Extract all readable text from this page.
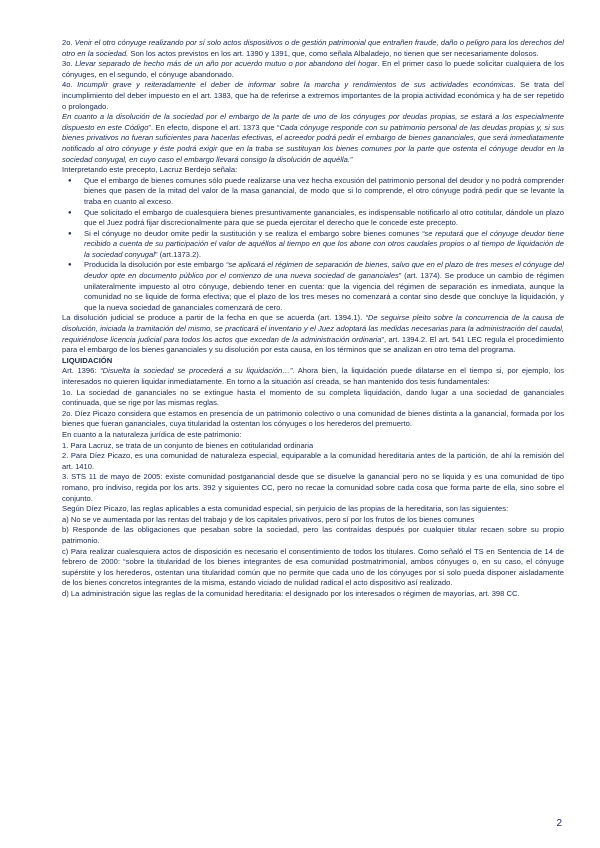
2o. Venir el otro cónyuge realizando por sí solo actos dispositivos o de gestión patrimonial que entrañen fraude, daño o peligro para los derechos del otro en la sociedad. Son los actos previstos en los art. 1390 y 1391, que, como señala Albaladejo, no tienen que ser necesariamente dolosos.

3o. Llevar separado de hecho más de un año por acuerdo mutuo o por abandono del hogar. En el primer caso lo puede solicitar cualquiera de los cónyuges, en el segundo, el cónyuge abandonado.

4o. Incumplir grave y reiteradamente el deber de informar sobre la marcha y rendimientos de sus actividades económicas. Se trata del incumplimiento del deber impuesto en el art. 1383, que ha de referirse a extremos importantes de la propia actividad económica y ha de ser repetido o prolongado.

En cuanto a la disolución de la sociedad por el embargo de la parte de uno de los cónyuges por deudas propias, se estará a los especialmente dispuesto en este Código”. En efecto, dispone el art. 1373 que “Cada cónyuge responde con su patrimonio personal de las deudas propias y, si sus bienes privativos no fueran suficientes para hacerlas efectivas, el acreedor podrá pedir el embargo de bienes gananciales, que será inmediatamente notificado al otro cónyuge y éste podrá exigir que en la traba se sustituyan los bienes comunes por la parte que ostenta el cónyuge deudor en la sociedad conyugal, en cuyo caso el embargo llevará consigo la disolución de aquélla.”

Interpretando este precepto, Lacruz Berdejo señala:

● Que el embargo de bienes comunes sólo puede realizarse una vez hecha excusión del patrimonio personal del deudor y no podrá comprender bienes que pasen de la mitad del valor de la masa ganancial, de modo que si lo comprende, el otro cónyuge podrá pedir que se levante la traba en cuanto al exceso.
● Que solicitado el embargo de cualesquiera bienes presuntivamente gananciales, es indispensable notificarlo al otro cotitular, dándole un plazo que el Juez podrá fijar discrecionalmente para que se pueda ejercitar el derecho que le concede este precepto.
● Si el cónyuge no deudor omite pedir la sustitución y se realiza el embargo sobre bienes comunes “se reputará que el cónyuge deudor tiene recibido a cuenta de su participación el valor de aquéllos al tiempo en que los abone con otros caudales propios o al tiempo de liquidación de la sociedad conyugal” (art.1373.2).
● Producida la disolución por este embargo “se aplicará el régimen de separación de bienes, salvo que en el plazo de tres meses el cónyuge del deudor opte en documento público por el comienzo de una nueva sociedad de gananciales” (art. 1374). Se produce un cambio de régimen unilateralmente impuesto al otro cónyuge, debiendo tener en cuenta: que la vigencia del régimen de separación es inmediata, aunque la comunidad no se liquide de forma efectiva; que el plazo de los tres meses no comenzará a contar sino desde que concluye la liquidación, y que la nueva sociedad de gananciales comenzará de cero.

La disolución judicial se produce a partir de la fecha en que se acuerda (art. 1394.1). “De seguirse pleito sobre la concurrencia de la causa de disolución, iniciada la tramitación del mismo, se practicará el inventario y el Juez adoptará las medidas necesarias para la administración del caudal, requiriéndose licencia judicial para todos los actos que excedan de la administración ordinaria”, art. 1394.2. El art. 541 LEC regula el procedimiento para el embargo de los bienes gananciales y su disolución por esta causa, en los términos que se analizan en otro tema del programa.

LIQUIDACIÓN

Art. 1396: “Disuelta la sociedad se procederá a su liquidación…”. Ahora bien, la liquidación puede dilatarse en el tiempo si, por ejemplo, los interesados no quieren liquidar inmediatamente. En torno a la situación así creada, se han mantenido dos tesis fundamentales:

1o. La sociedad de gananciales no se extingue hasta el momento de su completa liquidación, dando lugar a una sociedad de gananciales continuada, que se rige por las mismas reglas.

2o. Díez Picazo considera que estamos en presencia de un patrimonio colectivo o una comunidad de bienes distinta a la ganancial, formada por los bienes que fueran gananciales, cuya titularidad la ostentan los cónyuges o los herederos del premuerto.

En cuanto a la naturaleza jurídica de este patrimonio:

1. Para Lacruz, se trata de un conjunto de bienes en cotitularidad ordinaria

2. Para Díez Picazo, es una comunidad de naturaleza especial, equiparable a la comunidad hereditaria antes de la partición, de ahí la remisión del art. 1410.

3. STS 11 de mayo de 2005: existe comunidad postganancial desde que se disuelve la ganancial pero no se liquida y es una comunidad de tipo romano, pro indiviso, regida por los arts. 392 y siguientes CC, pero no recae la comunidad sobre cada cosa que forma parte de ella, sino sobre el conjunto.

Según Díez Picazo, las reglas aplicables a esta comunidad especial, sin perjuicio de las propias de la hereditaria, son las siguientes:

a) No se ve aumentada por las rentas del trabajo y de los capitales privativos, pero sí por los frutos de los bienes comunes

b) Responde de las obligaciones que pesaban sobre la sociedad, pero las contraídas después por cualquier titular recaen sobre su propio patrimonio.

c) Para realizar cualesquiera actos de disposición es necesario el consentimiento de todos los titulares. Como señaló el TS en Sentencia de 14 de febrero de 2000: “sobre la titularidad de los bienes integrantes de esa comunidad postmatrimonial, ambos cónyuges o, en su caso, el cónyuge supérstite y los herederos, ostentan una titularidad común que no permite que cada uno de los cónyuges por sí solo pueda disponer aisladamente de los bienes concretos integrantes de la misma, estando viciado de nulidad radical el acto dispositivo así realizado.

d) La administración sigue las reglas de la comunidad hereditaria: el designado por los interesados o régimen de mayorías, art. 398 CC.

2
